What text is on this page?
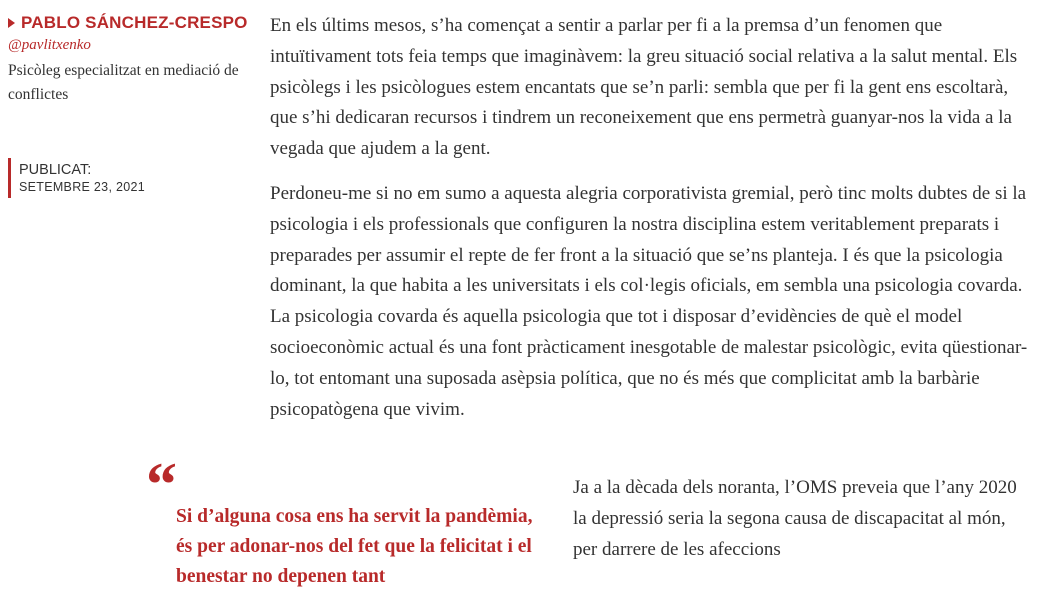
PABLO SÁNCHEZ-CRESPO
@pavlitxenko
Psicòleg especialitzat en mediació de conflictes
PUBLICAT:
SETEMBRE 23, 2021

En els últims mesos, s’ha començat a sentir a parlar per fi a la premsa d’un fenomen que intuïtivament tots feia temps que imaginàvem: la greu situació social relativa a la salut mental. Els psicòlegs i les psicòlogues estem encantats que se’n parli: sembla que per fi la gent ens escoltarà, que s’hi dedicaran recursos i tindrem un reconeixement que ens permetrà guanyar-nos la vida a la vegada que ajudem a la gent.

Perdoneu-me si no em sumo a aquesta alegria corporativista gremial, però tinc molts dubtes de si la psicologia i els professionals que configuren la nostra disciplina estem veritablement preparats i preparades per assumir el repte de fer front a la situació que se’ns planteja. I és que la psicologia dominant, la que habita a les universitats i els col·legis oficials, em sembla una psicologia covarda. La psicologia covarda és aquella psicologia que tot i disposar d’evidències de què el model socioeconòmic actual és una font pràcticament inesgotable de malestar psicològic, evita qüestionar-lo, tot entomant una suposada asèpsia política, que no és més que complicitat amb la barbàrie psicopatògena que vivim.

“ Si d’alguna cosa ens ha servit la pandèmia, és per adonar-nos del fet que la felicitat i el benestar no depenen tant
Ja a la dècada dels noranta, l’OMS preveia que l’any 2020 la depressió seria la segona causa de discapacitat al món, per darrere de les afeccions
